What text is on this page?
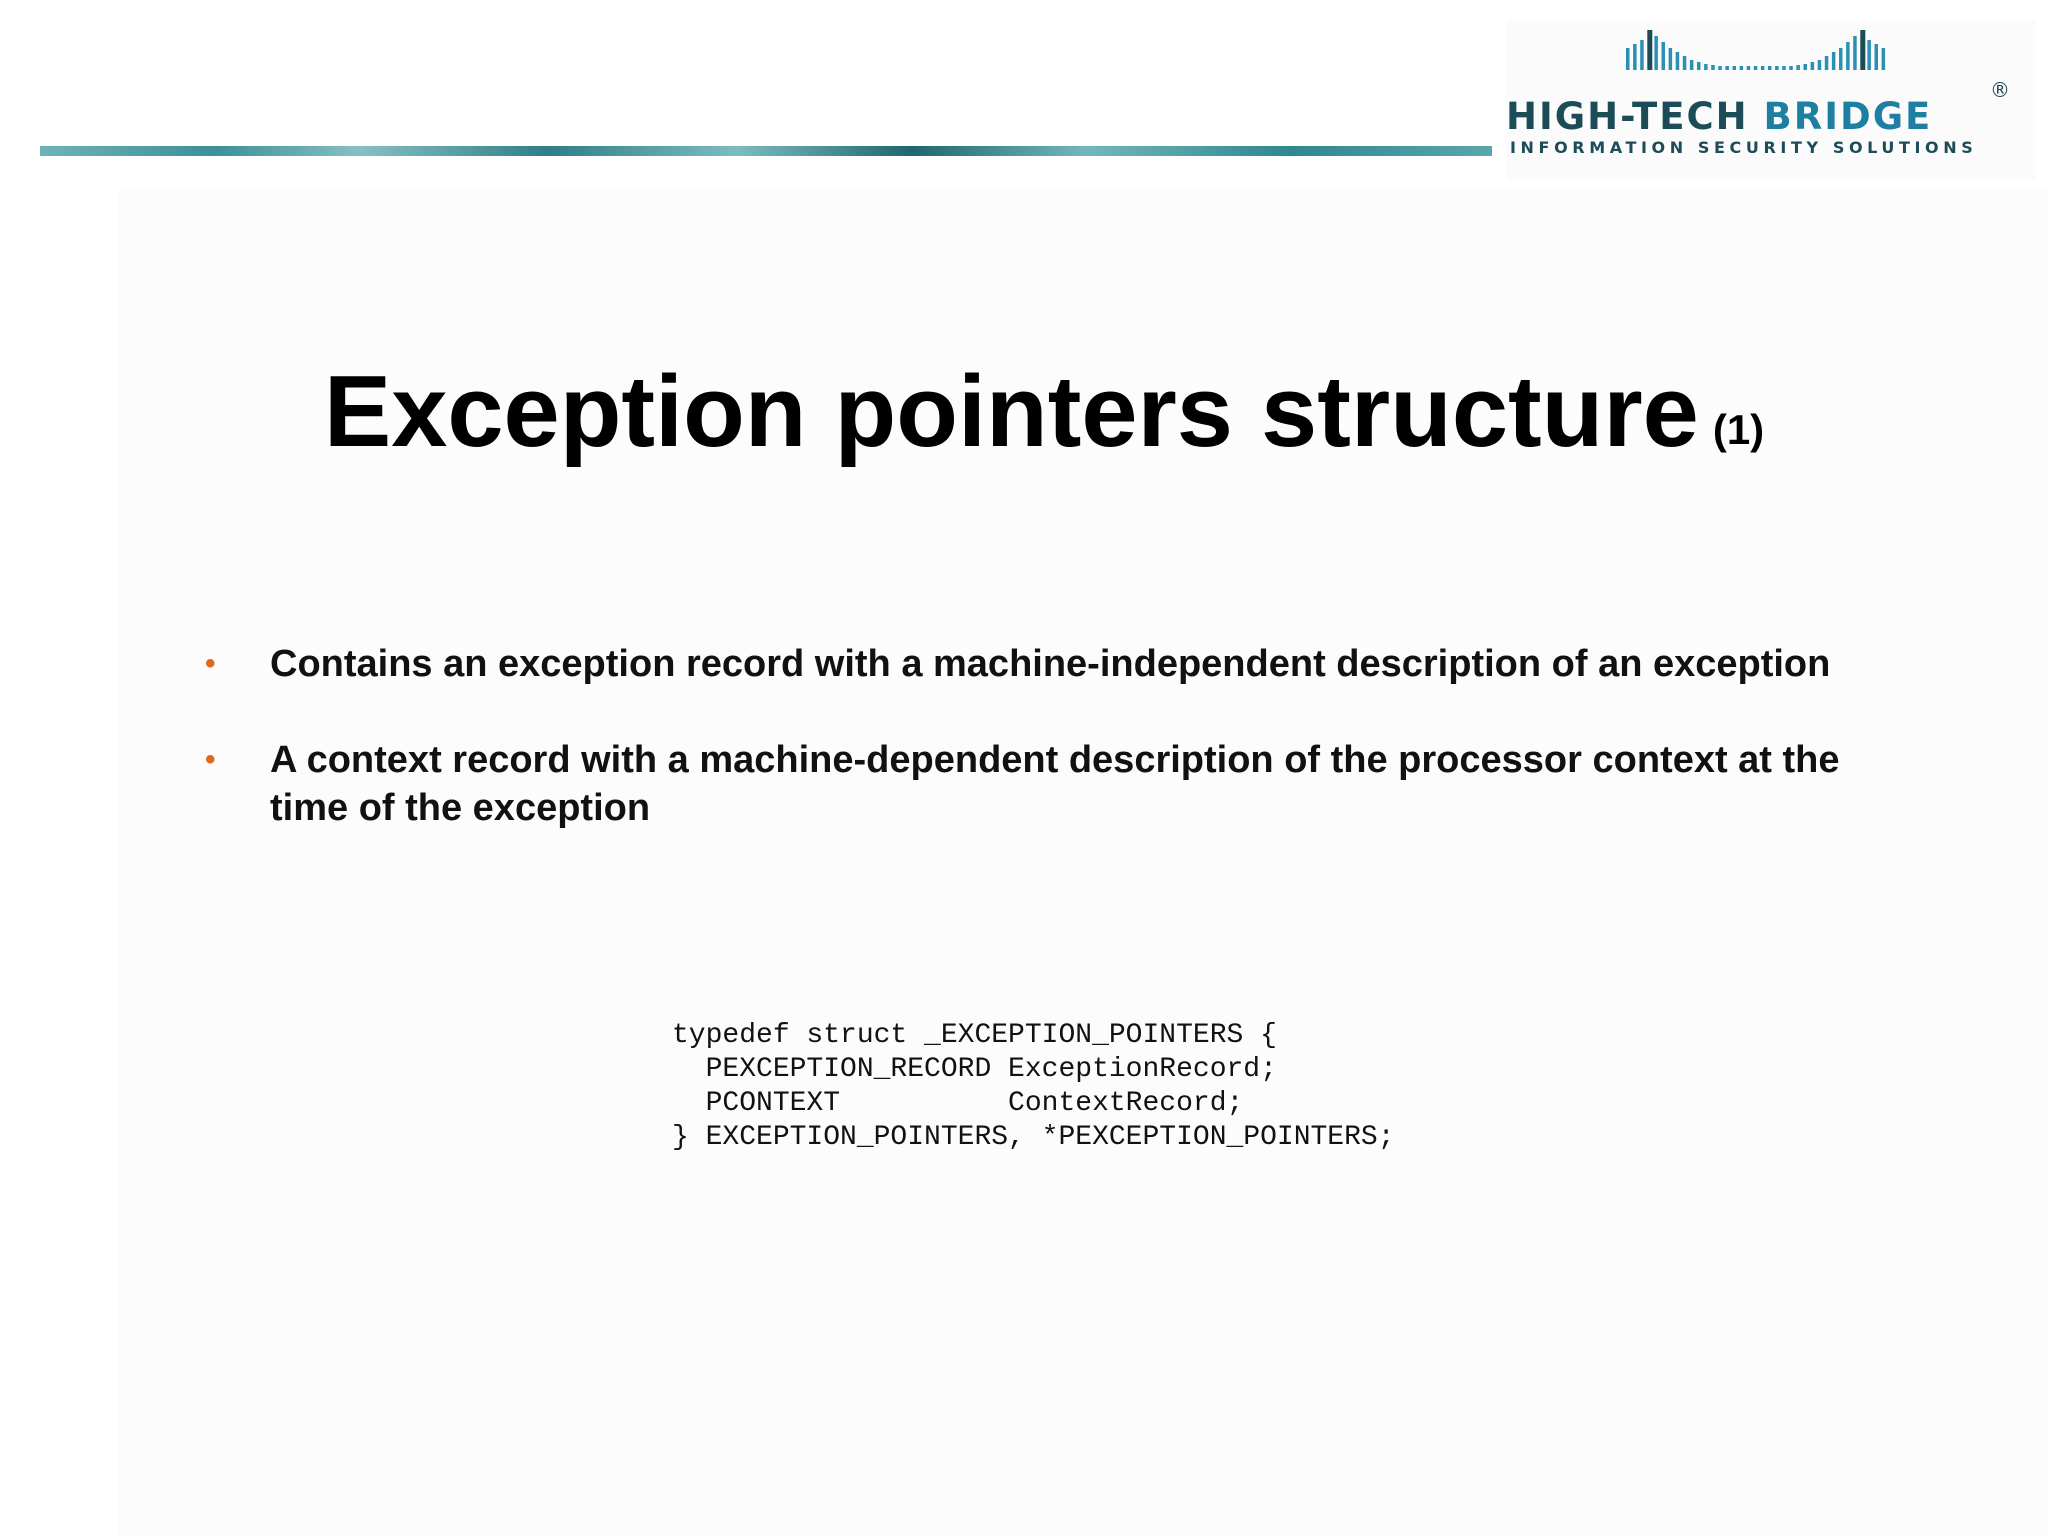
HIGH-TECH BRIDGE
®
INFORMATION SECURITY SOLUTIONS
Exception pointers structure (1)
• Contains an exception record with a machine-independent description of an exception
• A context record with a machine-dependent description of the processor context at the time of the exception
typedef struct _EXCEPTION_POINTERS {
PEXCEPTION_RECORD ExceptionRecord;
PCONTEXT          ContextRecord;
} EXCEPTION_POINTERS, *PEXCEPTION_POINTERS;
